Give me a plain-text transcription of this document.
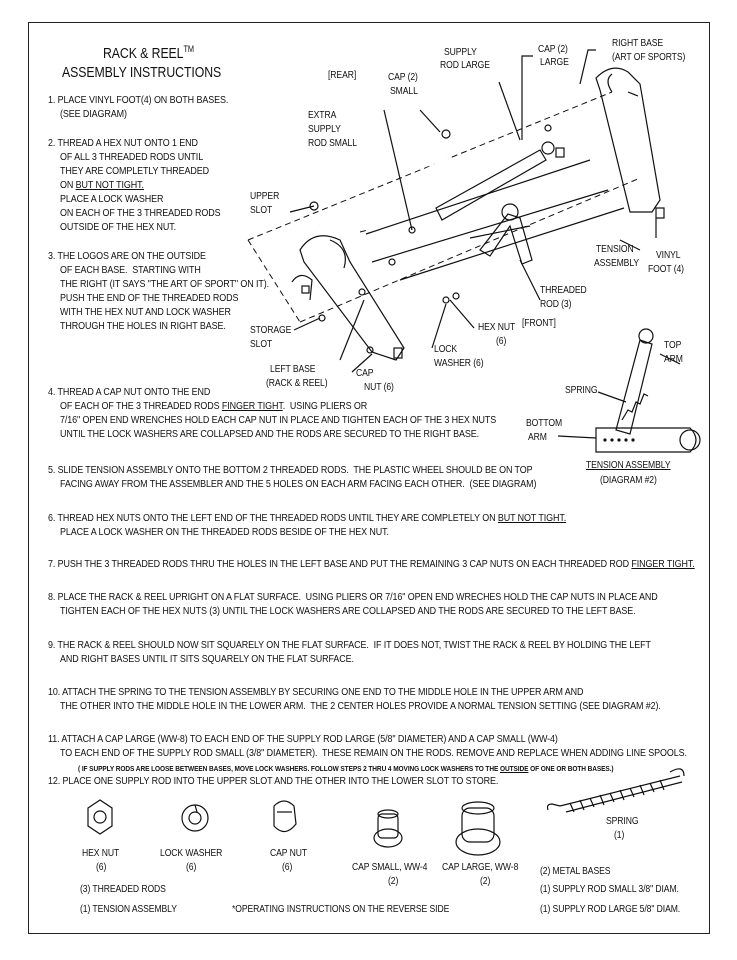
RACK & REEL™
ASSEMBLY INSTRUCTIONS
1. PLACE VINYL FOOT(4) ON BOTH BASES.
(SEE DIAGRAM)
2. THREAD A HEX NUT ONTO 1 END
OF ALL 3 THREADED RODS UNTIL
THEY ARE COMPLETLY THREADED
ON BUT NOT TIGHT.
PLACE A LOCK WASHER
ON EACH OF THE 3 THREADED RODS
OUTSIDE OF THE HEX NUT.
3. THE LOGOS ARE ON THE OUTSIDE
OF EACH BASE.  STARTING WITH
THE RIGHT (IT SAYS "THE ART OF SPORT" ON IT).
PUSH THE END OF THE THREADED RODS
WITH THE HEX NUT AND LOCK WASHER
THROUGH THE HOLES IN RIGHT BASE.
[REAR]
[FRONT]
SUPPLY
ROD LARGE
CAP (2)
LARGE
RIGHT BASE
(ART OF SPORTS)
CAP (2)
SMALL
EXTRA
SUPPLY
ROD SMALL
UPPER
SLOT
TENSION
ASSEMBLY
VINYL
FOOT (4)
THREADED
ROD (3)
STORAGE
SLOT
HEX NUT
(6)
LEFT BASE
(RACK & REEL)
CAP
NUT (6)
LOCK
WASHER (6)
TOP
ARM
SPRING
BOTTOM
ARM
TENSION ASSEMBLY
(DIAGRAM #2)
4. THREAD A CAP NUT ONTO THE END
OF EACH OF THE 3 THREADED RODS FINGER TIGHT.  USING PLIERS OR
7/16" OPEN END WRENCHES HOLD EACH CAP NUT IN PLACE AND TIGHTEN EACH OF THE 3 HEX NUTS
UNTIL THE LOCK WASHERS ARE COLLAPSED AND THE RODS ARE SECURED TO THE RIGHT BASE.
5. SLIDE TENSION ASSEMBLY ONTO THE BOTTOM 2 THREADED RODS.  THE PLASTIC WHEEL SHOULD BE ON TOP
FACING AWAY FROM THE ASSEMBLER AND THE 5 HOLES ON EACH ARM FACING EACH OTHER.  (SEE DIAGRAM)
6. THREAD HEX NUTS ONTO THE LEFT END OF THE THREADED RODS UNTIL THEY ARE COMPLETELY ON BUT NOT TIGHT.
PLACE A LOCK WASHER ON THE THREADED RODS BESIDE OF THE HEX NUT.
7. PUSH THE 3 THREADED RODS THRU THE HOLES IN THE LEFT BASE AND PUT THE REMAINING 3 CAP NUTS ON EACH THREADED ROD FINGER TIGHT.
8. PLACE THE RACK & REEL UPRIGHT ON A FLAT SURFACE.  USING PLIERS OR 7/16" OPEN END WRECHES HOLD THE CAP NUTS IN PLACE AND
TIGHTEN EACH OF THE HEX NUTS (3) UNTIL THE LOCK WASHERS ARE COLLAPSED AND THE RODS ARE SECURED TO THE LEFT BASE.
9. THE RACK & REEL SHOULD NOW SIT SQUARELY ON THE FLAT SURFACE.  IF IT DOES NOT, TWIST THE RACK & REEL BY HOLDING THE LEFT
AND RIGHT BASES UNTIL IT SITS SQUARELY ON THE FLAT SURFACE.
10. ATTACH THE SPRING TO THE TENSION ASSEMBLY BY SECURING ONE END TO THE MIDDLE HOLE IN THE UPPER ARM AND
THE OTHER INTO THE MIDDLE HOLE IN THE LOWER ARM.  THE 2 CENTER HOLES PROVIDE A NORMAL TENSION SETTING (SEE DIAGRAM #2).
11. ATTACH A CAP LARGE (WW-8) TO EACH END OF THE SUPPLY ROD LARGE (5/8" DIAMETER) AND A CAP SMALL (WW-4)
TO EACH END OF THE SUPPLY ROD SMALL (3/8" DIAMETER).  THESE REMAIN ON THE RODS. REMOVE AND REPLACE WHEN ADDING LINE SPOOLS.
( IF SUPPLY RODS ARE LOOSE BETWEEN BASES, MOVE LOCK WASHERS. FOLLOW STEPS 2 THRU 4 MOVING LOCK WASHERS TO THE OUTSIDE OF ONE OR BOTH BASES.)
12. PLACE ONE SUPPLY ROD INTO THE UPPER SLOT AND THE OTHER INTO THE LOWER SLOT TO STORE.
HEX NUT
(6)
LOCK WASHER
(6)
CAP NUT
(6)	CAP SMALL, WW-4
(2)
CAP LARGE, WW-8
(2)
SPRING
(1)
(3) THREADED RODS
(1) TENSION ASSEMBLY	*OPERATING INSTRUCTIONS ON THE REVERSE SIDE
(2) METAL BASES
(1) SUPPLY ROD SMALL 3/8" DIAM.
(1) SUPPLY ROD LARGE 5/8" DIAM.
